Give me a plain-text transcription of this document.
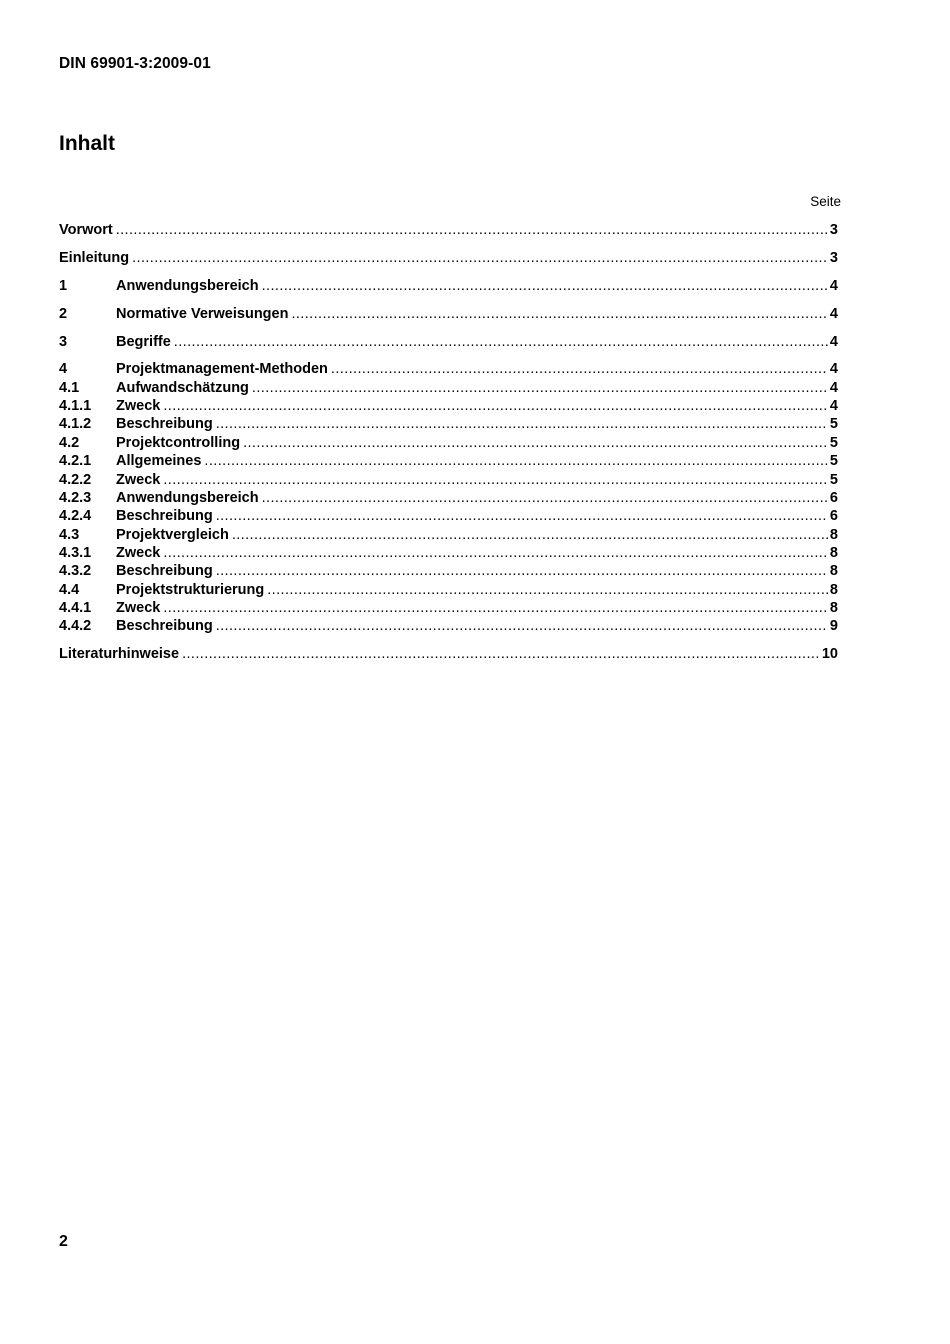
DIN 69901-3:2009-01
Inhalt
Seite
Vorwort .....	3
Einleitung .....	3
1	Anwendungsbereich .....	4
2	Normative Verweisungen .....	4
3	Begriffe .....	4
4	Projektmanagement-Methoden .....	4
4.1	Aufwandschätzung .....	4
4.1.1	Zweck .....	4
4.1.2	Beschreibung .....	5
4.2	Projektcontrolling .....	5
4.2.1	Allgemeines .....	5
4.2.2	Zweck .....	5
4.2.3	Anwendungsbereich .....	6
4.2.4	Beschreibung .....	6
4.3	Projektvergleich .....	8
4.3.1	Zweck .....	8
4.3.2	Beschreibung .....	8
4.4	Projektstrukturierung .....	8
4.4.1	Zweck .....	8
4.4.2	Beschreibung .....	9
Literaturhinweise .....	10
2
